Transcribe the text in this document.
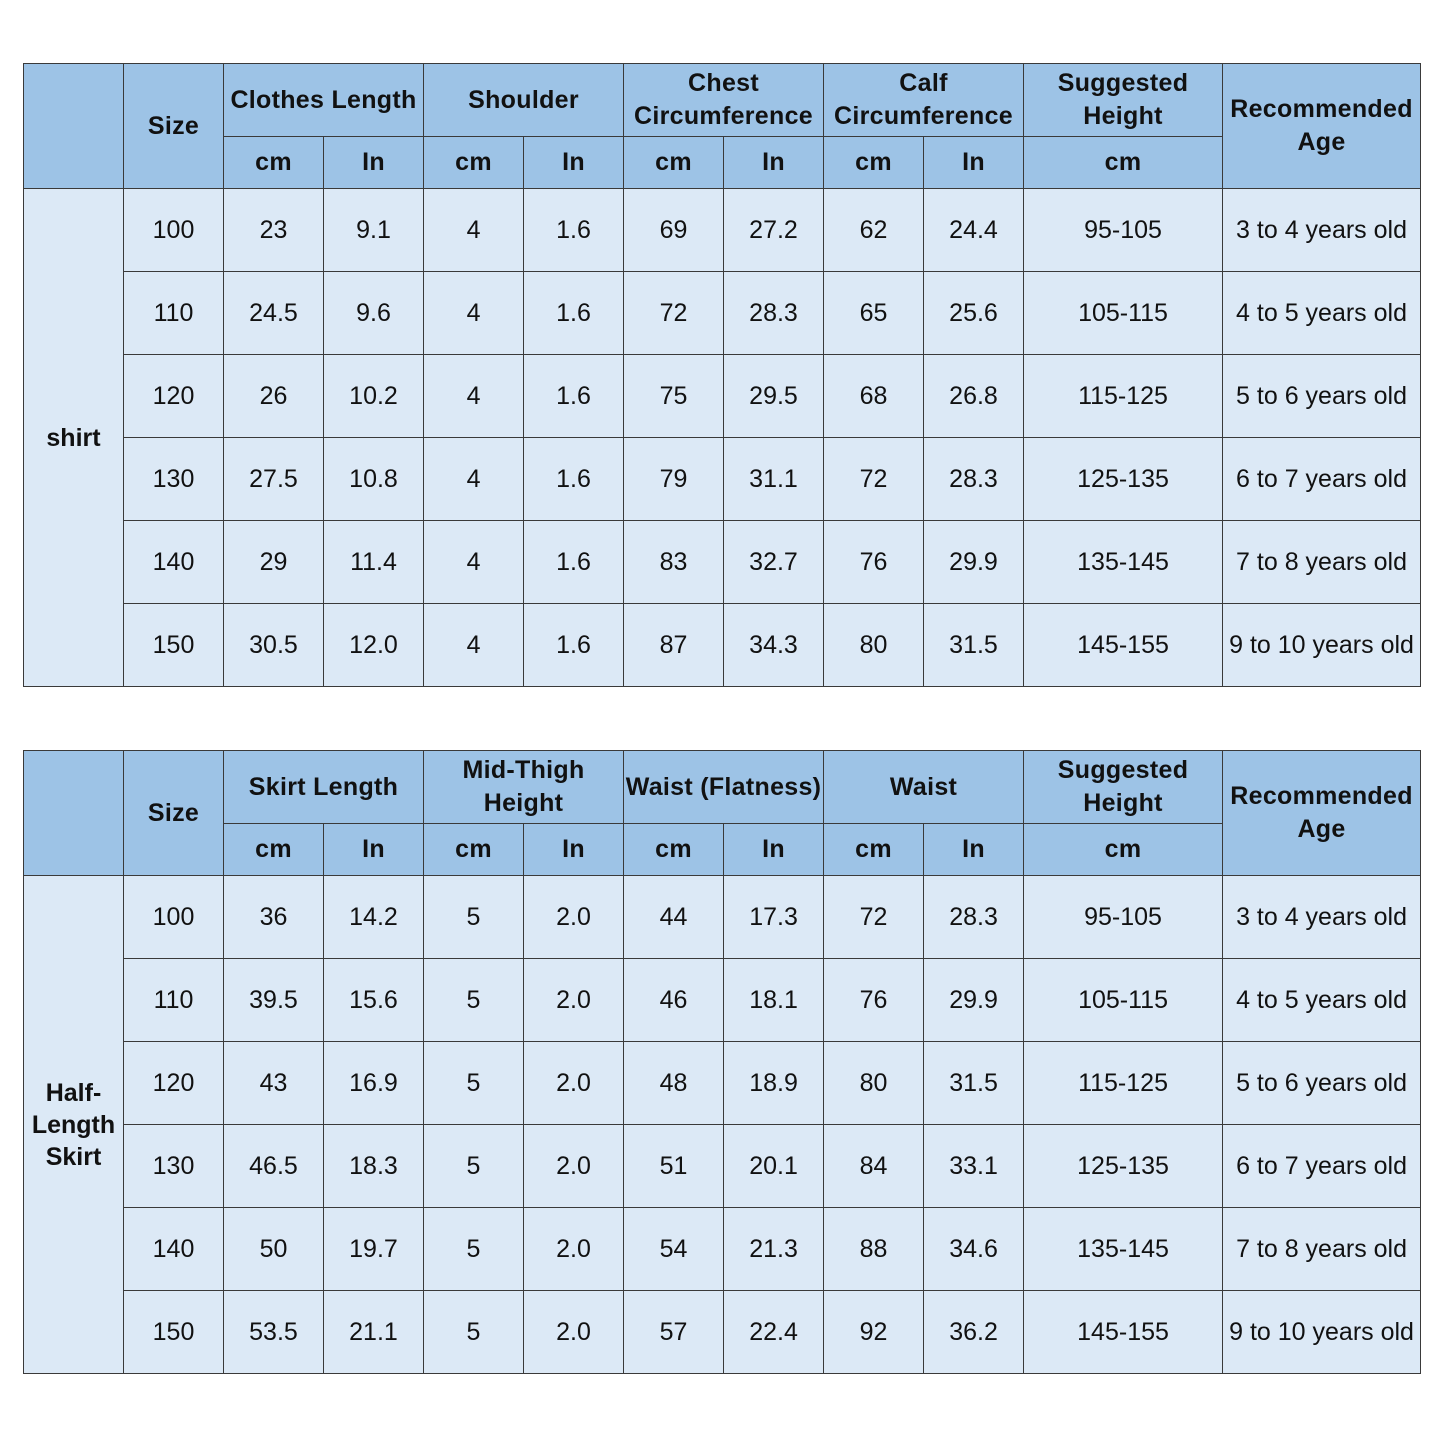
	Size	Clothes Length		Shoulder		Chest Circumference		Calf Circumference		Suggested Height	Recommended Age
		cm	In	cm	In	cm	In	cm	In	cm	
shirt	100	23	9.1	4	1.6	69	27.2	62	24.4	95-105	3 to 4 years old
	110	24.5	9.6	4	1.6	72	28.3	65	25.6	105-115	4 to 5 years old
	120	26	10.2	4	1.6	75	29.5	68	26.8	115-125	5 to 6 years old
	130	27.5	10.8	4	1.6	79	31.1	72	28.3	125-135	6 to 7 years old
	140	29	11.4	4	1.6	83	32.7	76	29.9	135-145	7 to 8 years old
	150	30.5	12.0	4	1.6	87	34.3	80	31.5	145-155	9 to 10 years old
	Size	Skirt Length		Mid-Thigh Height		Waist (Flatness)		Waist		Suggested Height	Recommended Age
		cm	In	cm	In	cm	In	cm	In	cm	
Half-Length Skirt	100	36	14.2	5	2.0	44	17.3	72	28.3	95-105	3 to 4 years old
	110	39.5	15.6	5	2.0	46	18.1	76	29.9	105-115	4 to 5 years old
	120	43	16.9	5	2.0	48	18.9	80	31.5	115-125	5 to 6 years old
	130	46.5	18.3	5	2.0	51	20.1	84	33.1	125-135	6 to 7 years old
	140	50	19.7	5	2.0	54	21.3	88	34.6	135-145	7 to 8 years old
	150	53.5	21.1	5	2.0	57	22.4	92	36.2	145-155	9 to 10 years old
